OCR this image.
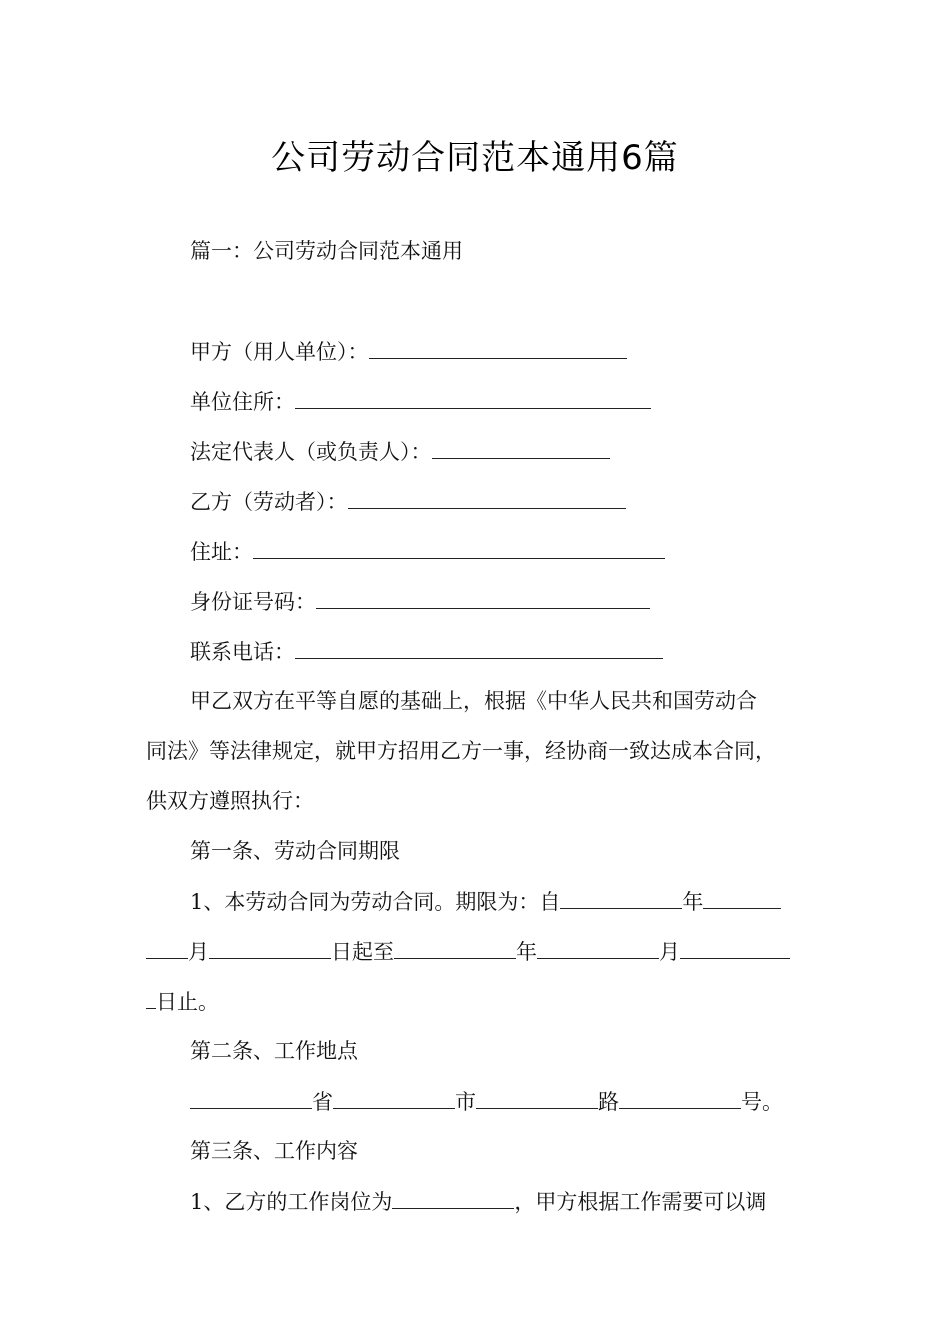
公司劳动合同范本通用6篇
篇一：公司劳动合同范本通用
甲方（用人单位）：
单位住所：
法定代表人（或负责人）：
乙方（劳动者）：
住址：
身份证号码：
联系电话：
甲乙双方在平等自愿的基础上，根据《中华人民共和国劳动合
同法》等法律规定，就甲方招用乙方一事，经协商一致达成本合同，
供双方遵照执行：
第一条、劳动合同期限
1、本劳动合同为劳动合同。期限为：自	年
月	日起至	年	月
日止。
第二条、工作地点
省	市	路	号。
第三条、工作内容
1、乙方的工作岗位为	，甲方根据工作需要可以调
